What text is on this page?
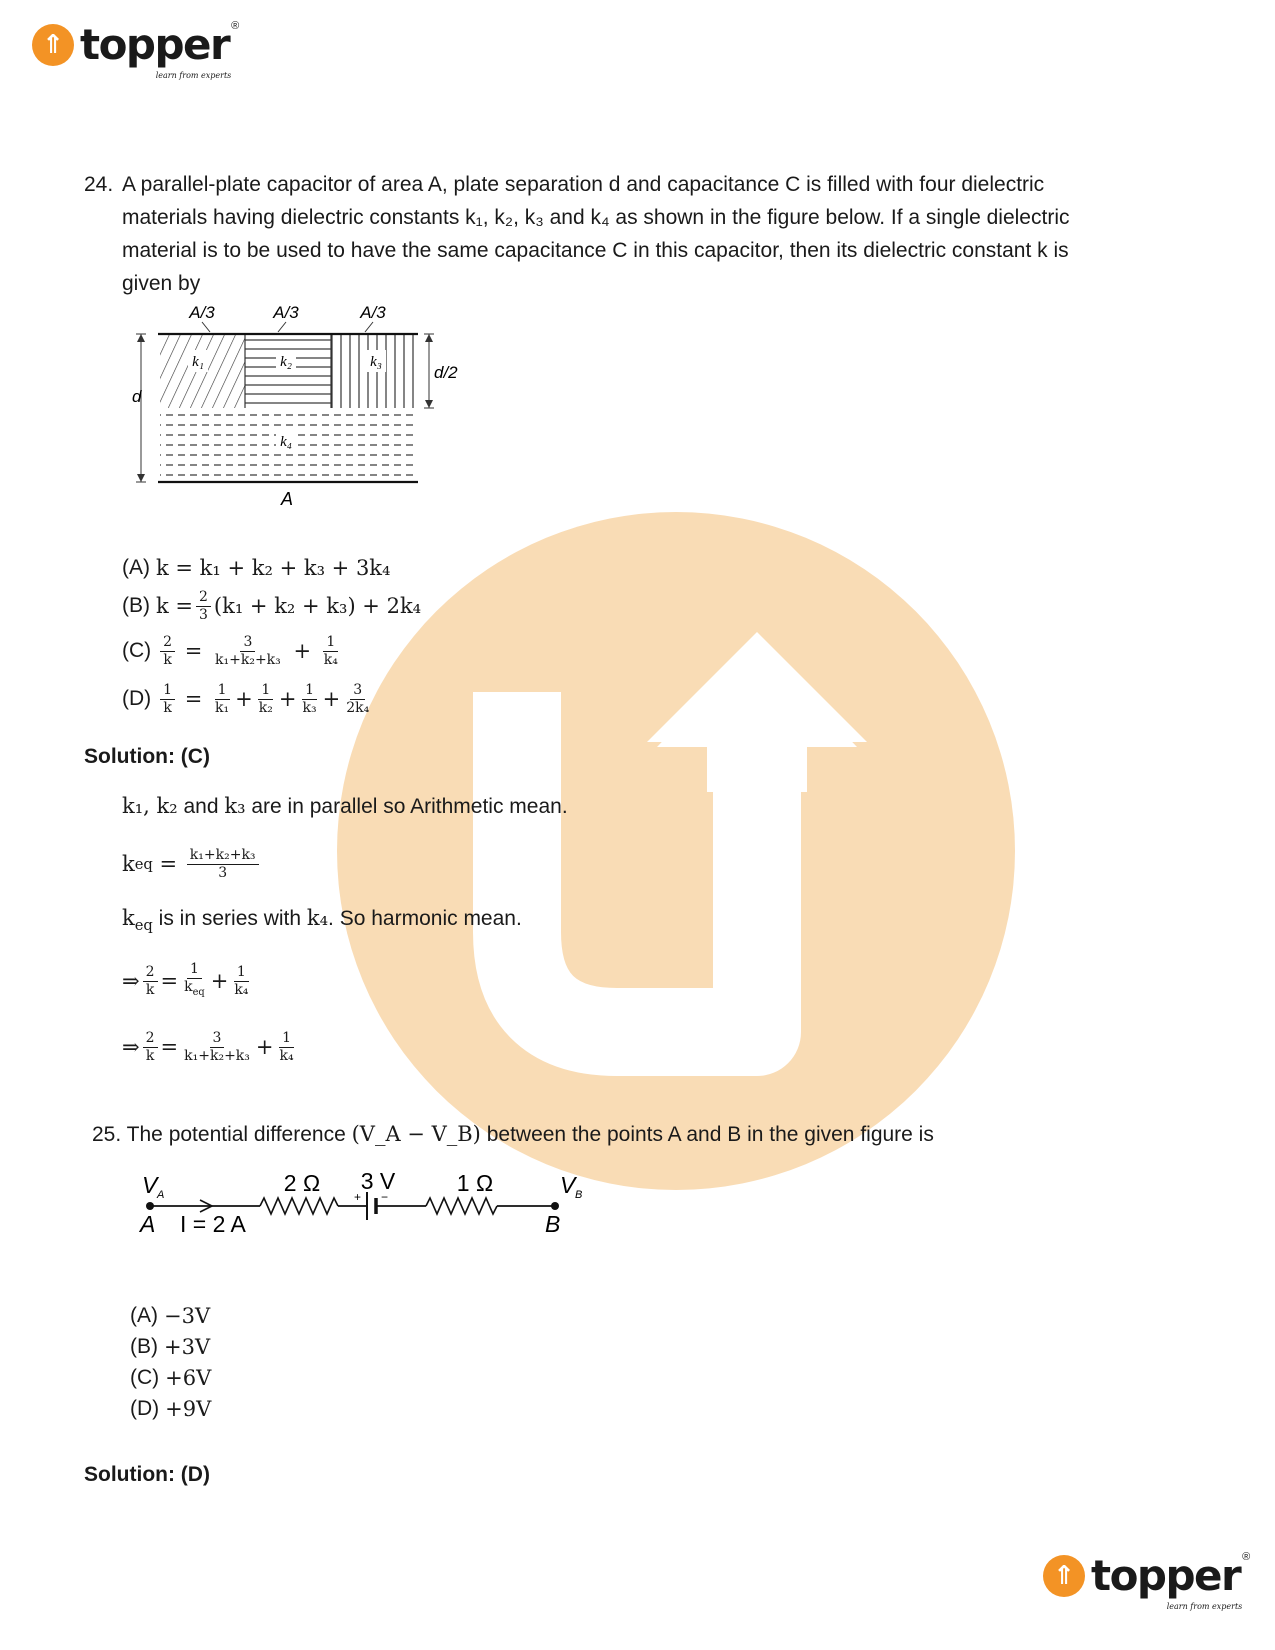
⇑ topper ®
learn from experts
24. A parallel-plate capacitor of area A, plate separation d and capacitance C is filled with four dielectric
materials having dielectric constants k₁, k₂, k₃ and k₄ as shown in the figure below. If a single dielectric
material is to be used to have the same capacitance C in this capacitor, then its dielectric constant k is
given by
A/3	A/3	A/3
k₁	k₂	k₃
k₄
d
d/2
A
(A) k = k₁ + k₂ + k₃ + 3k₄
(B) $k = \frac{2}{3} (k_1 + k_2 + k_3) + 2k_4$
$(C) \frac{2}{k} = \frac{3}{\text{k₁+k₂+k₃}} + \frac{1}{\text{k₄}}$
$(D) \frac{1}{k} = \frac{1}{\text{k₁}} + \frac{1}{\text{k₂}} + \frac{1}{\text{k₃}} + \frac{3}{\text{2k₄}}$
Solution: (C)
k₁, k₂ and k₃ are in parallel so Arithmetic mean.
k eq = $\frac{\text{k₁+k₂+k₃}}{3}$
$k_{eq}$ is in series with k₄. So harmonic mean.
⇒ $\frac{2}{k} = \frac{1}{k_{eq}} + \frac{1}{\text{k₄}}$
⇒ $\frac{2}{k} = \frac{3}{\text{k₁+k₂+k₃}} + \frac{1}{\text{k₄}}$
25. The potential difference (V_A − V_B) between the points A and B in the given figure is
V A	V B
2 Ω 3 V	1 Ω
+ −
A I = 2 A	B
(A) −3V
(B) +3V
(C) +6V
(D) +9V
Solution: (D)
⇑ topper ®
learn from experts
